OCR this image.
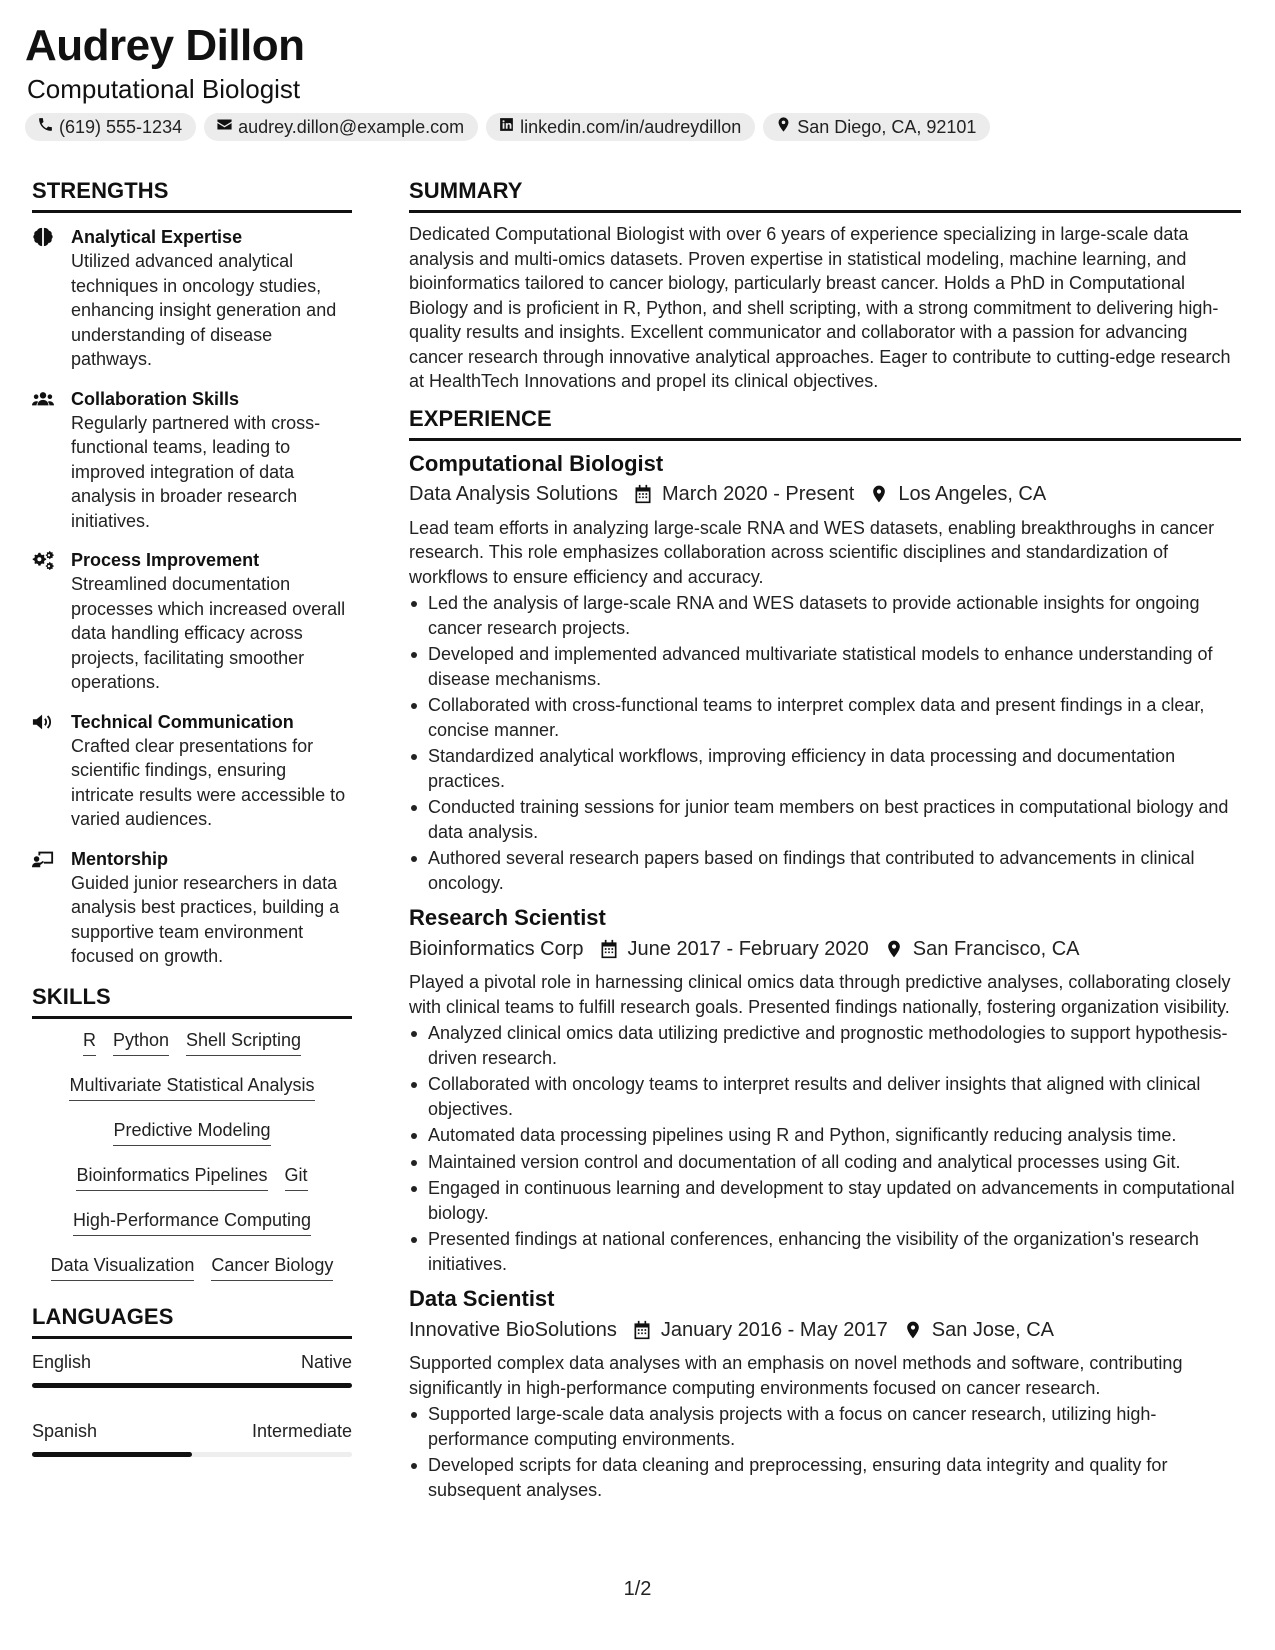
Audrey Dillon
Computational Biologist
(619) 555-1234	audrey.dillon@example.com	linkedin.com/in/audreydillon	San Diego, CA, 92101
STRENGTHS
Analytical Expertise
Utilized advanced analytical techniques in oncology studies, enhancing insight generation and understanding of disease pathways.
Collaboration Skills
Regularly partnered with cross-functional teams, leading to improved integration of data analysis in broader research initiatives.
Process Improvement
Streamlined documentation processes which increased overall data handling efficacy across projects, facilitating smoother operations.
Technical Communication
Crafted clear presentations for scientific findings, ensuring intricate results were accessible to varied audiences.
Mentorship
Guided junior researchers in data analysis best practices, building a supportive team environment focused on growth.
SKILLS
R Python Shell Scripting
Multivariate Statistical Analysis
Predictive Modeling
Bioinformatics Pipelines Git
High-Performance Computing
Data Visualization Cancer Biology
LANGUAGES
English	Native
Spanish	Intermediate
SUMMARY

Dedicated Computational Biologist with over 6 years of experience specializing in large-scale data analysis and multi-omics datasets. Proven expertise in statistical modeling, machine learning, and bioinformatics tailored to cancer biology, particularly breast cancer. Holds a PhD in Computational Biology and is proficient in R, Python, and shell scripting, with a strong commitment to delivering high-quality results and insights. Excellent communicator and collaborator with a passion for advancing cancer research through innovative analytical approaches. Eager to contribute to cutting-edge research at HealthTech Innovations and propel its clinical objectives.

EXPERIENCE
Computational Biologist
Data Analysis Solutions March 2020 - Present Los Angeles, CA

Lead team efforts in analyzing large-scale RNA and WES datasets, enabling breakthroughs in cancer research. This role emphasizes collaboration across scientific disciplines and standardization of workflows to ensure efficiency and accuracy.

Led the analysis of large-scale RNA and WES datasets to provide actionable insights for ongoing cancer research projects.
Developed and implemented advanced multivariate statistical models to enhance understanding of disease mechanisms.
Collaborated with cross-functional teams to interpret complex data and present findings in a clear, concise manner.
Standardized analytical workflows, improving efficiency in data processing and documentation practices.
Conducted training sessions for junior team members on best practices in computational biology and data analysis.
Authored several research papers based on findings that contributed to advancements in clinical oncology.
Research Scientist
Bioinformatics Corp June 2017 - February 2020 San Francisco, CA

Played a pivotal role in harnessing clinical omics data through predictive analyses, collaborating closely with clinical teams to fulfill research goals. Presented findings nationally, fostering organization visibility.

Analyzed clinical omics data utilizing predictive and prognostic methodologies to support hypothesis-driven research.
Collaborated with oncology teams to interpret results and deliver insights that aligned with clinical objectives.
Automated data processing pipelines using R and Python, significantly reducing analysis time.
Maintained version control and documentation of all coding and analytical processes using Git.
Engaged in continuous learning and development to stay updated on advancements in computational biology.
Presented findings at national conferences, enhancing the visibility of the organization's research initiatives.
Data Scientist
Innovative BioSolutions January 2016 - May 2017 San Jose, CA

Supported complex data analyses with an emphasis on novel methods and software, contributing significantly in high-performance computing environments focused on cancer research.

Supported large-scale data analysis projects with a focus on cancer research, utilizing high-performance computing environments.
Developed scripts for data cleaning and preprocessing, ensuring data integrity and quality for subsequent analyses.
1/2
